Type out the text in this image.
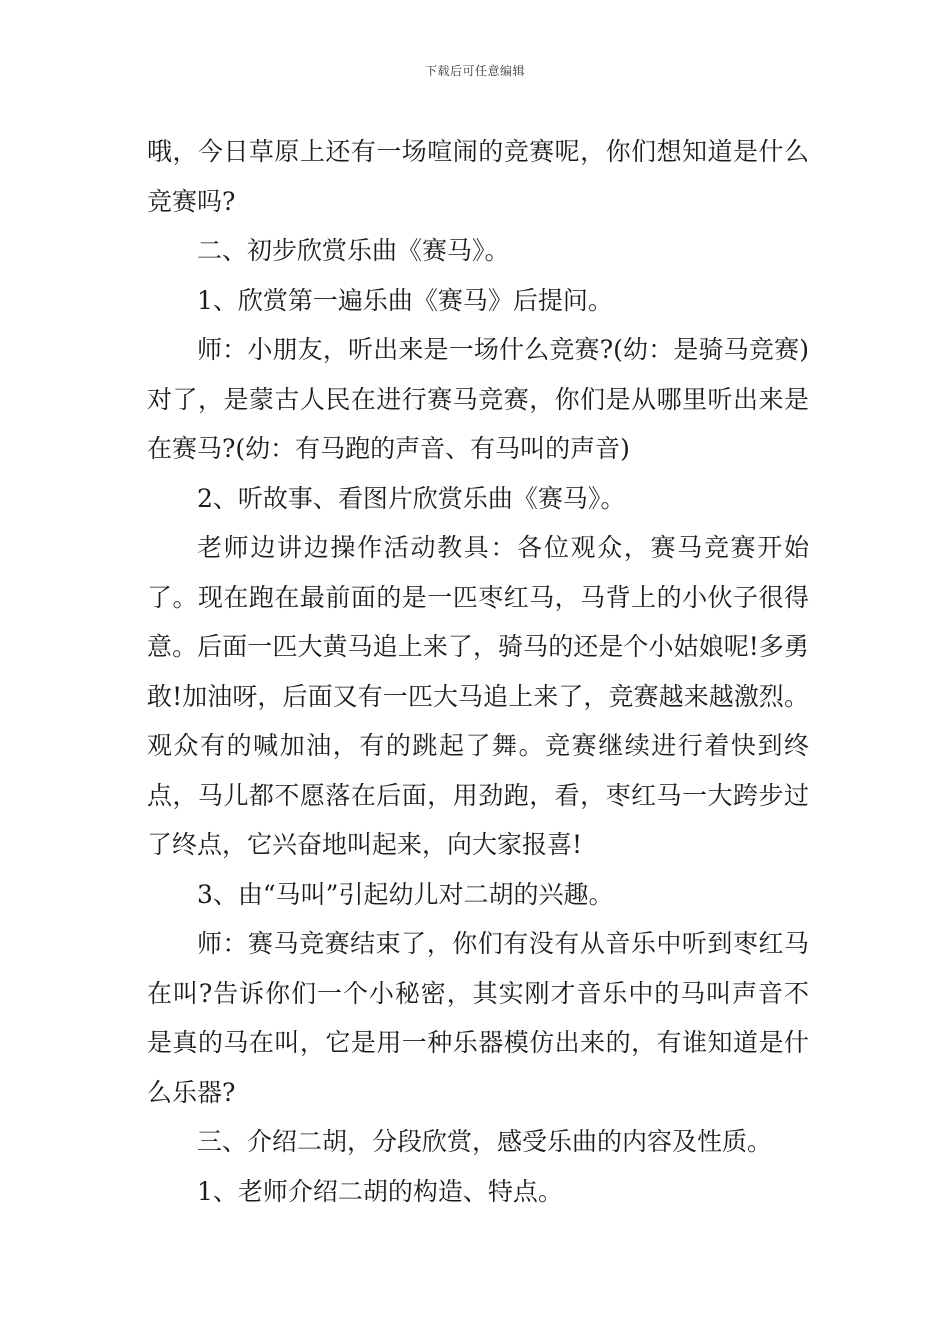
下载后可任意编辑

哦，今日草原上还有一场喧闹的竞赛呢，你们想知道是什么竞赛吗?

二、初步欣赏乐曲《赛马》。

1、欣赏第一遍乐曲《赛马》后提问。

师：小朋友，听出来是一场什么竞赛?(幼：是骑马竞赛)对了，是蒙古人民在进行赛马竞赛，你们是从哪里听出来是在赛马?(幼：有马跑的声音、有马叫的声音)

2、听故事、看图片欣赏乐曲《赛马》。

老师边讲边操作活动教具：各位观众，赛马竞赛开始了。现在跑在最前面的是一匹枣红马，马背上的小伙子很得意。后面一匹大黄马追上来了，骑马的还是个小姑娘呢!多勇敢!加油呀，后面又有一匹大马追上来了，竞赛越来越激烈。观众有的喊加油，有的跳起了舞。竞赛继续进行着快到终点，马儿都不愿落在后面，用劲跑，看，枣红马一大跨步过了终点，它兴奋地叫起来，向大家报喜!

3、由“马叫”引起幼儿对二胡的兴趣。

师：赛马竞赛结束了，你们有没有从音乐中听到枣红马在叫?告诉你们一个小秘密，其实刚才音乐中的马叫声音不是真的马在叫，它是用一种乐器模仿出来的，有谁知道是什么乐器?

三、介绍二胡，分段欣赏，感受乐曲的内容及性质。

1、老师介绍二胡的构造、特点。
